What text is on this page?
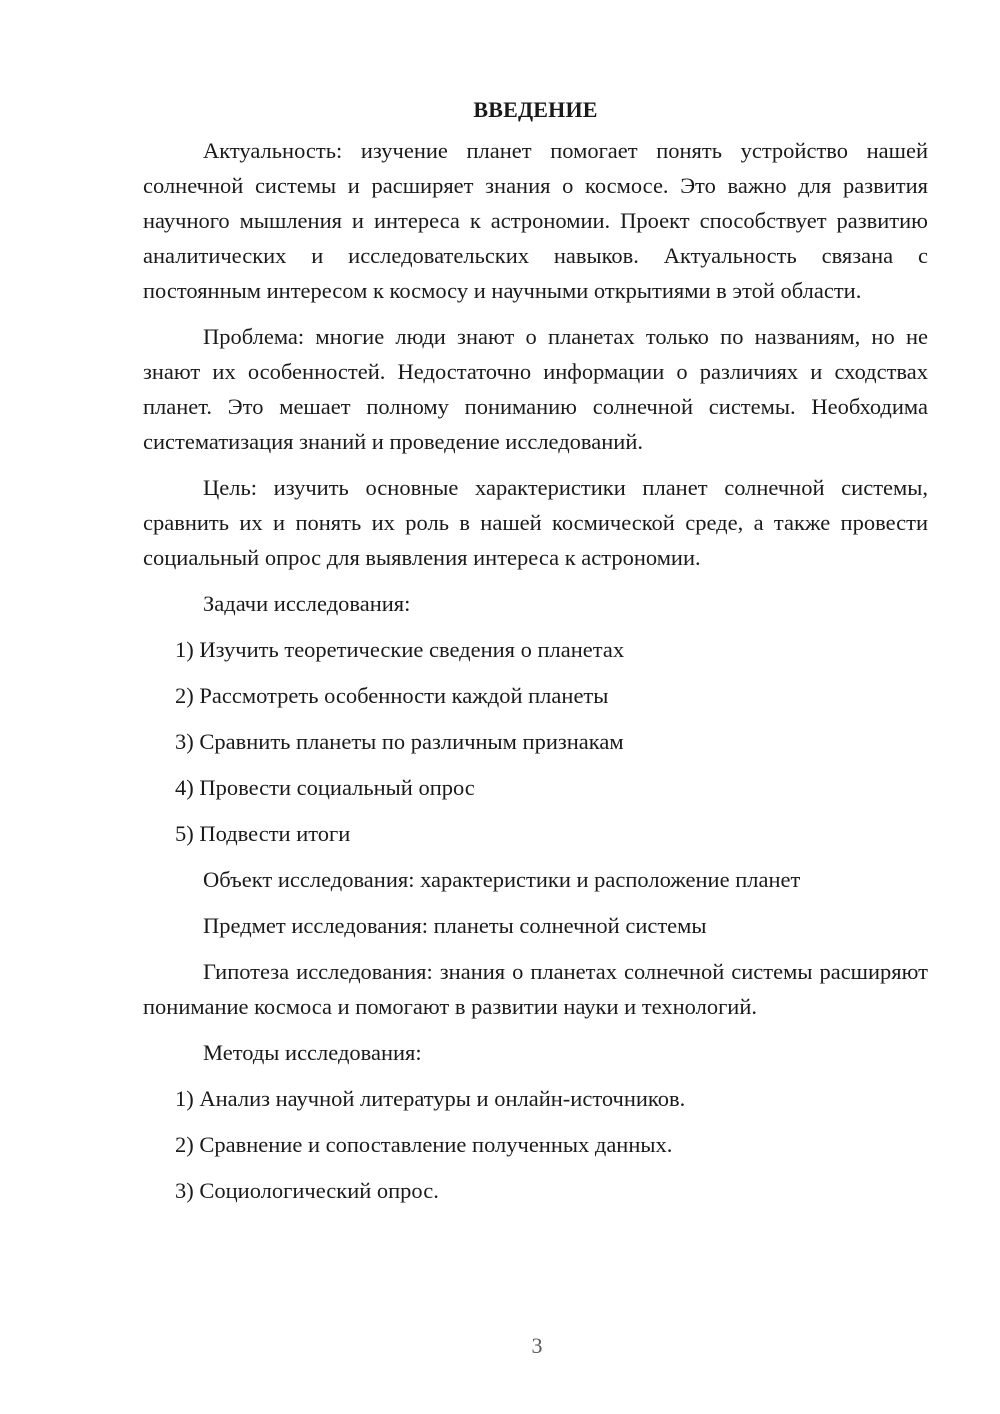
ВВЕДЕНИЕ

Актуальность: изучение планет помогает понять устройство нашей солнечной системы и расширяет знания о космосе. Это важно для развития научного мышления и интереса к астрономии. Проект способствует развитию аналитических и исследовательских навыков. Актуальность связана с постоянным интересом к космосу и научными открытиями в этой области.

Проблема: многие люди знают о планетах только по названиям, но не знают их особенностей. Недостаточно информации о различиях и сходствах планет. Это мешает полному пониманию солнечной системы. Необходима систематизация знаний и проведение исследований.

Цель: изучить основные характеристики планет солнечной системы, сравнить их и понять их роль в нашей космической среде, а также провести социальный опрос для выявления интереса к астрономии.

Задачи исследования:

1) Изучить теоретические сведения о планетах
2) Рассмотреть особенности каждой планеты
3) Сравнить планеты по различным признакам
4) Провести социальный опрос
5) Подвести итоги

Объект исследования: характеристики и расположение планет

Предмет исследования: планеты солнечной системы

Гипотеза исследования: знания о планетах солнечной системы расширяют понимание космоса и помогают в развитии науки и технологий.

Методы исследования:

1) Анализ научной литературы и онлайн-источников.
2) Сравнение и сопоставление полученных данных.
3) Социологический опрос.
3
